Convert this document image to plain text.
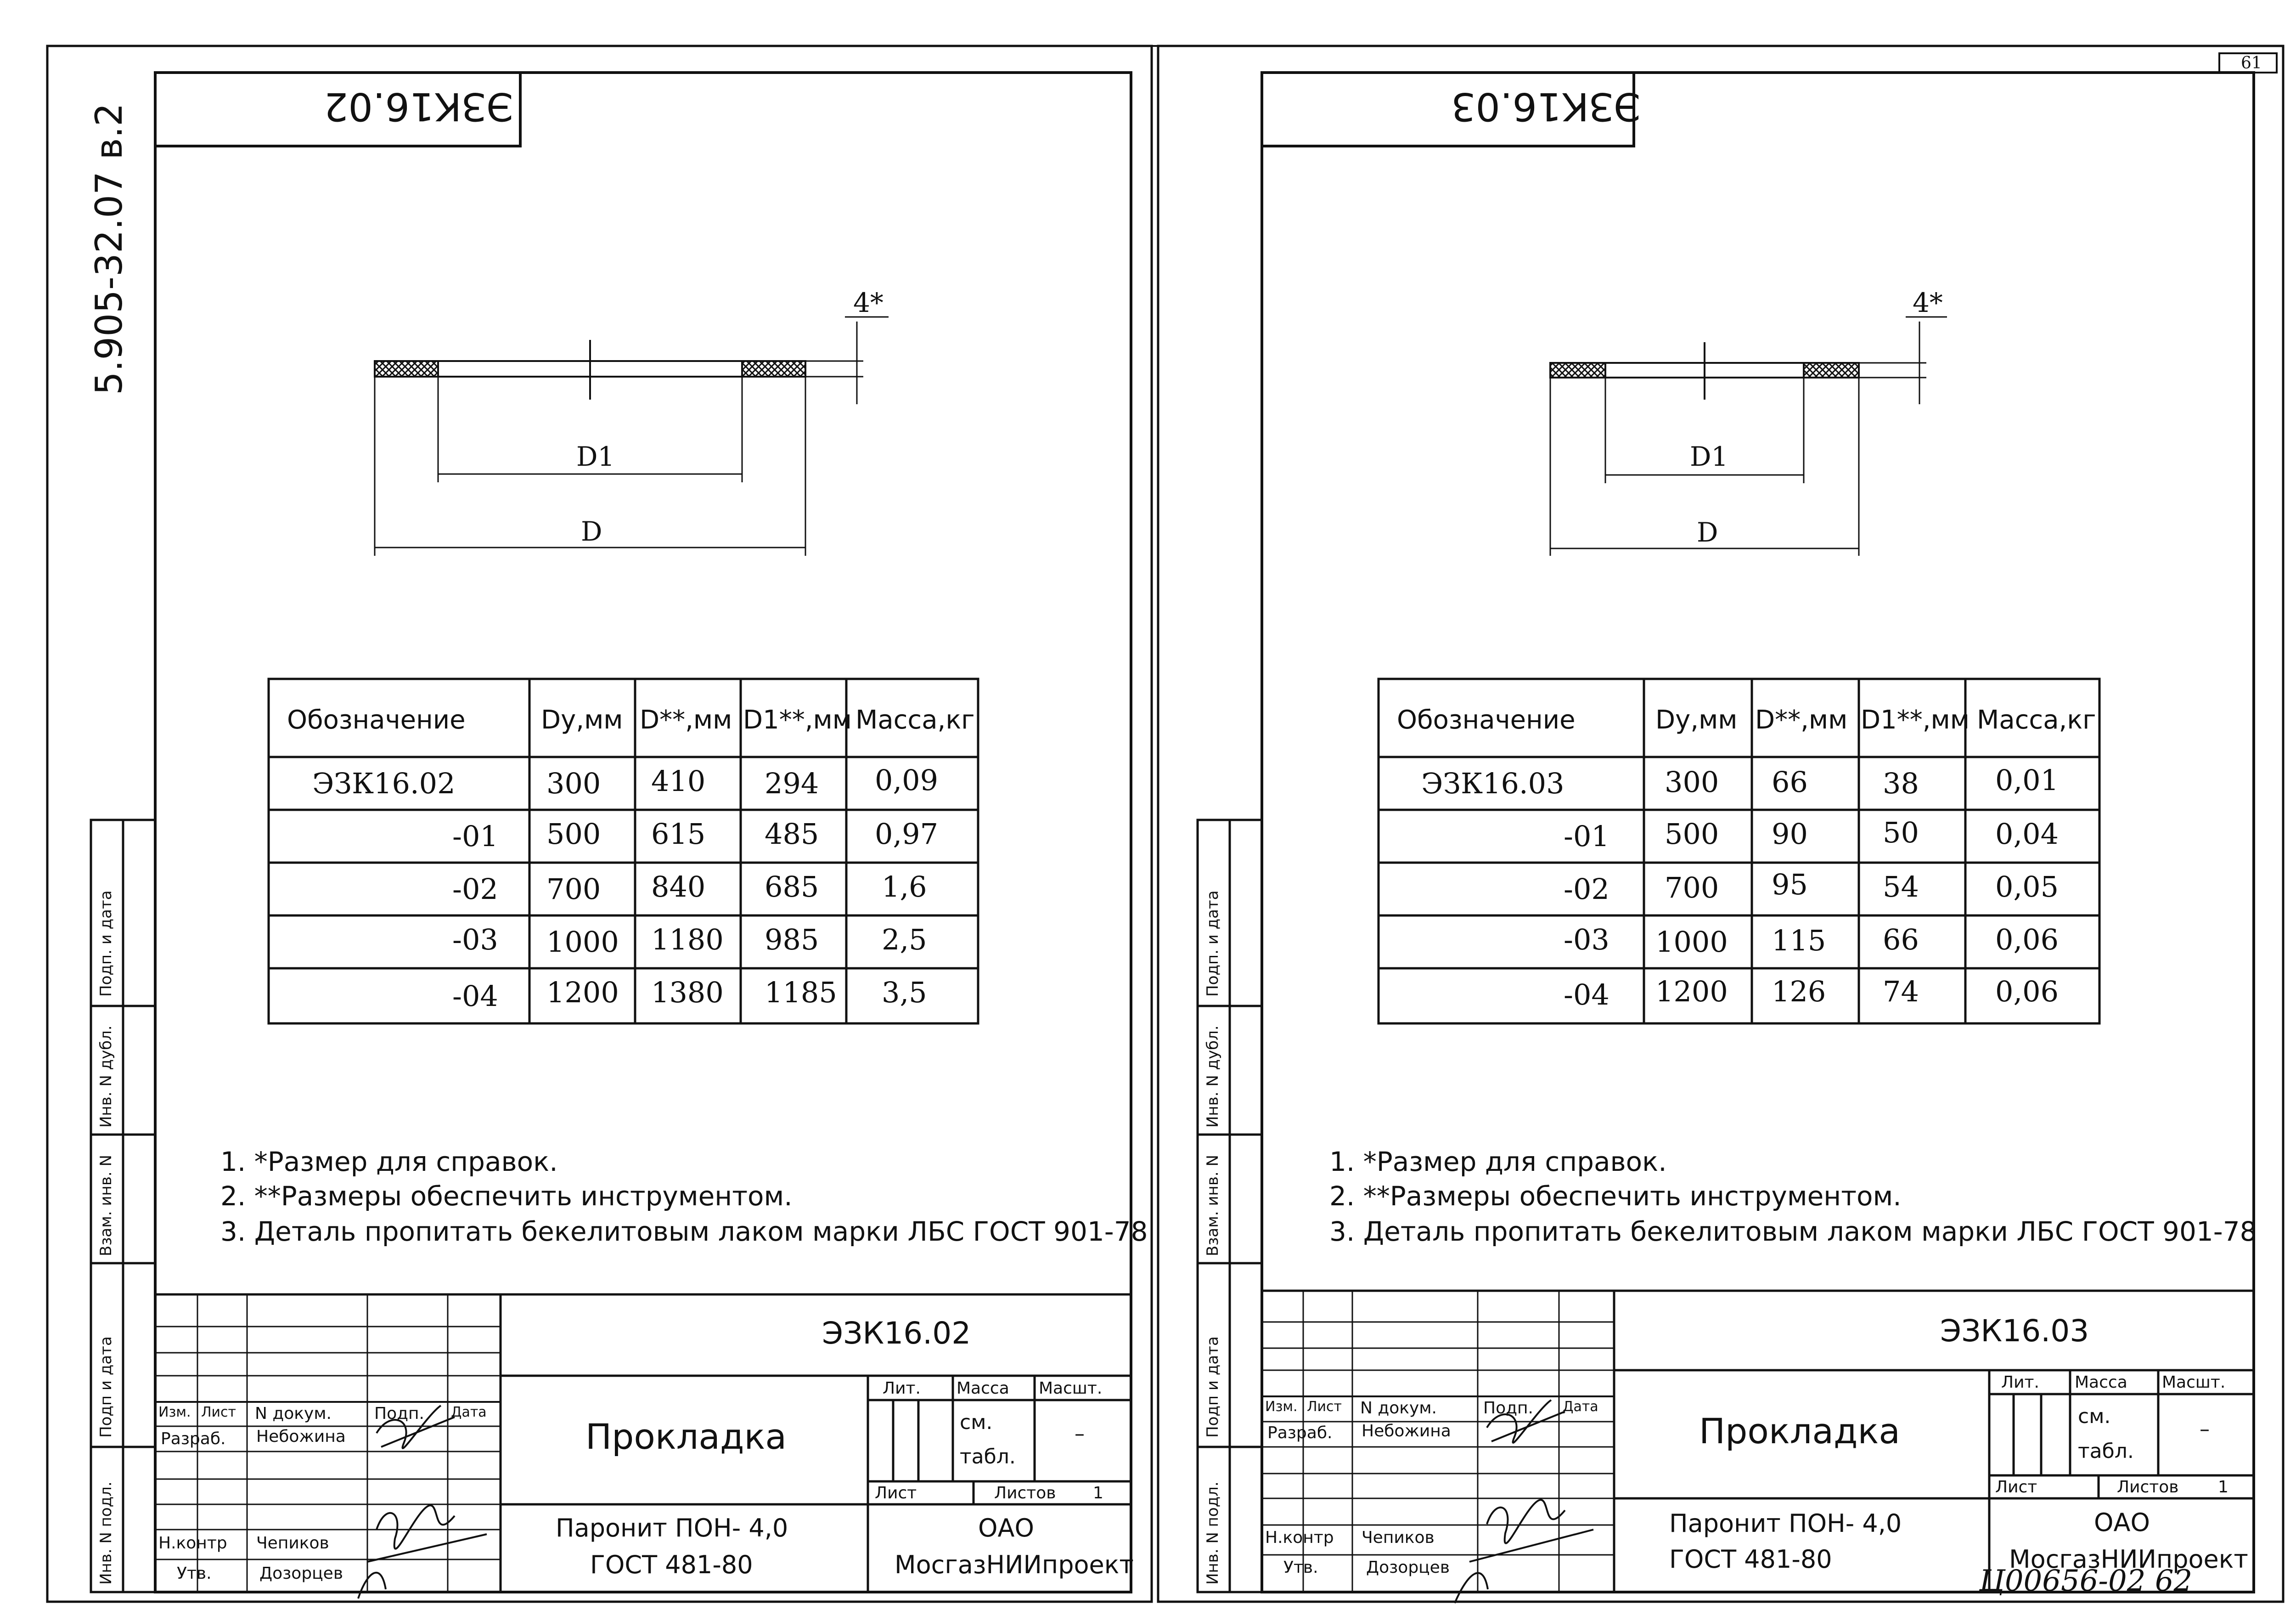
5.905-32.07 в.2
Подп. и дата
Инв. N дубл.
Взам. инв. N
Подп и дата
Инв. N подл.
Подп. и дата
Инв. N дубл.
Взам. инв. N
Подп и дата
Инв. N подл.
61
ЭЗК16.02
4*
D1
D
Обозначение	Dy,мм D**,мм D1**,мм Масса,кг
ЭЗК16.02	300 410 294 0,09
-01 500 615 485 0,97
-02 700 840 685 1,6
-03 1000 1180 985 2,5
-04 1200 1380 1185 3,5
1. *Размер для справок.
2. **Размеры обеспечить инструментом.
3. Деталь пропитать бекелитовым лаком марки ЛБС ГОСТ 901-78
ЭЗК16.02
Прокладка
Паронит ПОН- 4,0
ГОСТ 481-80
ОАО
МосгазНИИпроект
Лит. Масса Масшт.
см.
табл.
–
Лист	Листов 1
Изм. Лист N докум.	Подп. Дата
Разраб. Небожина
Н.контр Чепиков
Утв.	Дозорцев
ЭЗК16.03
4*
D1
D
Обозначение	Dy,мм D**,мм D1**,мм Масса,кг
ЭЗК16.03	300 66	38	0,01
-01 500 90	50	0,04
-02 700 95	54	0,05
-03 1000 115 66	0,06
-04 1200 126 74	0,06
1. *Размер для справок.
2. **Размеры обеспечить инструментом.
3. Деталь пропитать бекелитовым лаком марки ЛБС ГОСТ 901-78
ЭЗК16.03
Прокладка
Паронит ПОН- 4,0
ГОСТ 481-80
ОАО
МосгазНИИпроект
Лит. Масса Масшт.
см.
табл.
–
Лист	Листов 1
Изм. Лист N докум.	Подп. Дата
Разраб. Небожина
Н.контр Чепиков
Утв.	Дозорцев	Ц00656-02 62
